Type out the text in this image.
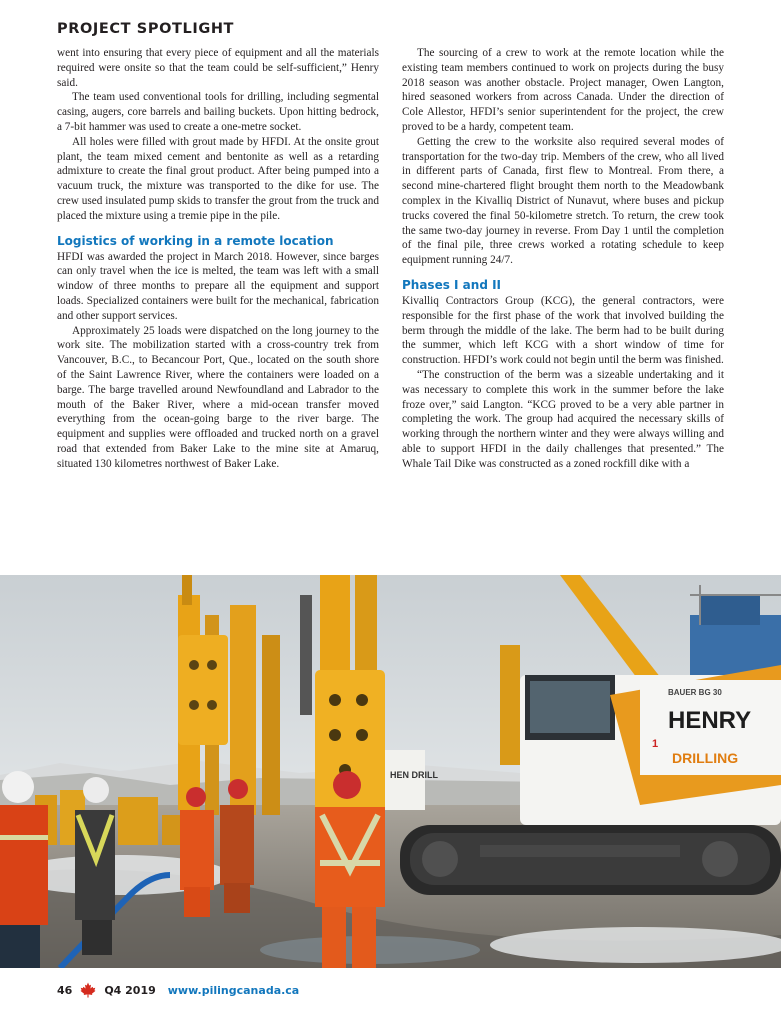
PROJECT SPOTLIGHT

went into ensuring that every piece of equipment and all the materials required were onsite so that the team could be self-sufficient,” Henry said.

The team used conventional tools for drilling, including segmental casing, augers, core barrels and bailing buckets. Upon hitting bedrock, a 7-bit hammer was used to create a one-metre socket.

All holes were filled with grout made by HFDI. At the onsite grout plant, the team mixed cement and bentonite as well as a retarding admixture to create the final grout product. After being pumped into a vacuum truck, the mixture was transported to the dike for use. The crew used insulated pump skids to transfer the grout from the truck and placed the mixture using a tremie pipe in the pile.

Logistics of working in a remote location

HFDI was awarded the project in March 2018. However, since barges can only travel when the ice is melted, the team was left with a small window of three months to prepare all the equipment and support loads. Specialized containers were built for the mechanical, fabrication and other support services.

Approximately 25 loads were dispatched on the long journey to the work site. The mobilization started with a cross-country trek from Vancouver, B.C., to Becancour Port, Que., located on the south shore of the Saint Lawrence River, where the containers were loaded on a barge. The barge travelled around Newfoundland and Labrador to the mouth of the Baker River, where a mid-ocean transfer moved everything from the ocean-going barge to the river barge. The equipment and supplies were offloaded and trucked north on a gravel road that extended from Baker Lake to the mine site at Amaruq, situated 130 kilometres northwest of Baker Lake.

The sourcing of a crew to work at the remote location while the existing team members continued to work on projects during the busy 2018 season was another obstacle. Project manager, Owen Langton, hired seasoned workers from across Canada. Under the direction of Cole Allestor, HFDI’s senior superintendent for the project, the crew proved to be a hardy, competent team.

Getting the crew to the worksite also required several modes of transportation for the two-day trip. Members of the crew, who all lived in different parts of Canada, first flew to Montreal. From there, a second mine-chartered flight brought them north to the Meadowbank complex in the Kivalliq District of Nunavut, where buses and pickup trucks covered the final 50-kilometre stretch. To return, the crew took the same two-day journey in reverse. From Day 1 until the completion of the final pile, three crews worked a rotating schedule to keep equipment running 24/7.

Phases I and II

Kivalliq Contractors Group (KCG), the general contractors, were responsible for the first phase of the work that involved building the berm through the middle of the lake. The berm had to be built during the summer, which left KCG with a short window of time for construction. HFDI’s work could not begin until the berm was finished.

“The construction of the berm was a sizeable undertaking and it was necessary to complete this work in the summer before the lake froze over,” said Langton. “KCG proved to be a very able partner in completing the work. The group had acquired the necessary skills of working through the northern winter and they were always willing and able to support HFDI in the daily challenges that presented.” The Whale Tail Dike was constructed as a zoned rockfill dike with a

HEN DRILL
BAUER BG 30
HENRY
DRILLING
1
46	Q4 2019 www.pilingcanada.ca
